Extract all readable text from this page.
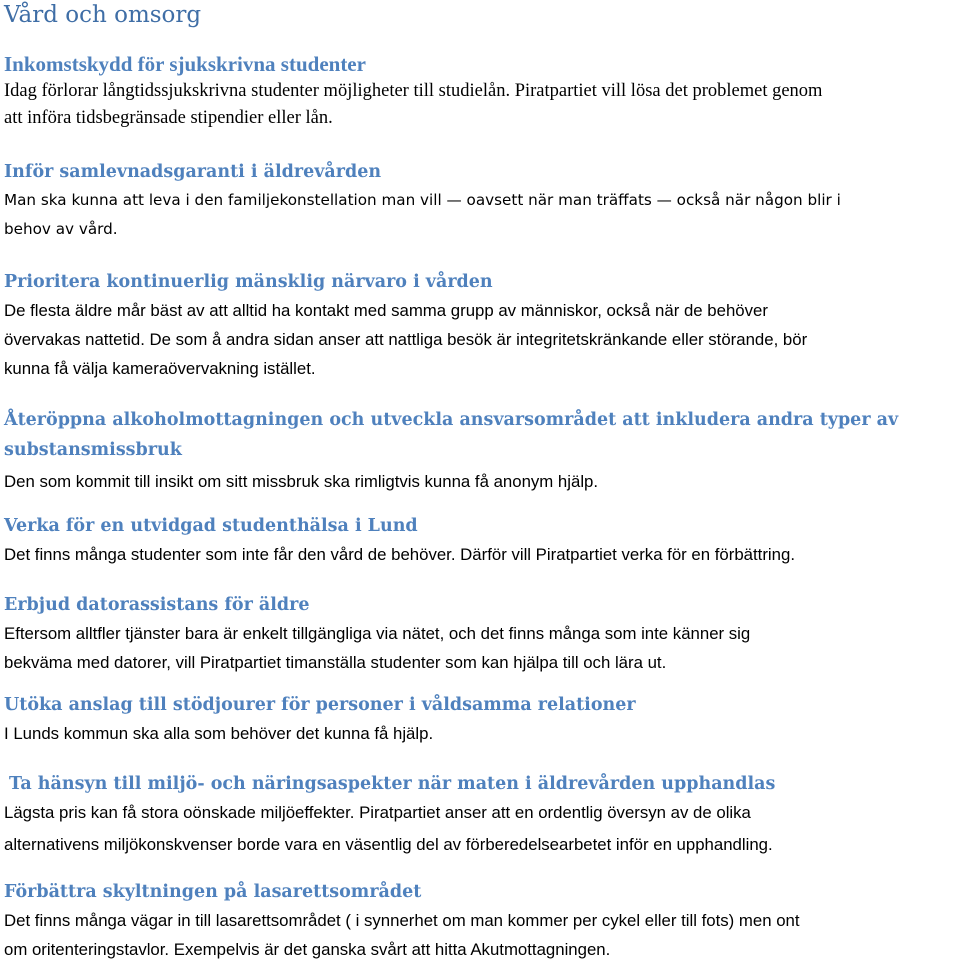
Vård och omsorg
Inkomstskydd för sjukskrivna studenter

Idag förlorar långtidssjukskrivna studenter möjligheter till studielån. Piratpartiet vill lösa det problemet genom

att införa tidsbegränsade stipendier eller lån.

Inför samlevnadsgaranti i äldrevården

Man ska kunna att leva i den familjekonstellation man vill — oavsett när man träffats — också när någon blir i

behov av vård.

Prioritera kontinuerlig mänsklig närvaro i vården

De flesta äldre mår bäst av att alltid ha kontakt med samma grupp av människor, också när de behöver

övervakas nattetid. De som å andra sidan anser att nattliga besök är integritetskränkande eller störande, bör

kunna få välja kameraövervakning istället.

Återöppna alkoholmottagningen och utveckla ansvarsområdet att inkludera andra typer av substansmissbruk

Den som kommit till insikt om sitt missbruk ska rimligtvis kunna få anonym hjälp.

Verka för en utvidgad studenthälsa i Lund

Det finns många studenter som inte får den vård de behöver. Därför vill Piratpartiet verka för en förbättring.

Erbjud datorassistans för äldre

Eftersom alltfler tjänster bara är enkelt tillgängliga via nätet, och det finns många som inte känner sig

bekväma med datorer, vill Piratpartiet timanställa studenter som kan hjälpa till och lära ut.

Utöka anslag till stödjourer för personer i våldsamma relationer

I Lunds kommun ska alla som behöver det kunna få hjälp.

Ta hänsyn till miljö- och näringsaspekter när maten i äldrevården upphandlas

Lägsta pris kan få stora oönskade miljöeffekter. Piratpartiet anser att en ordentlig översyn av de olika

alternativens miljökonskvenser borde vara en väsentlig del av förberedelsearbetet inför en upphandling.

Förbättra skyltningen på lasarettsområdet

Det finns många vägar in till lasarettsområdet ( i synnerhet om man kommer per cykel eller till fots) men ont

om oritenteringstavlor. Exempelvis är det ganska svårt att hitta Akutmottagningen.
